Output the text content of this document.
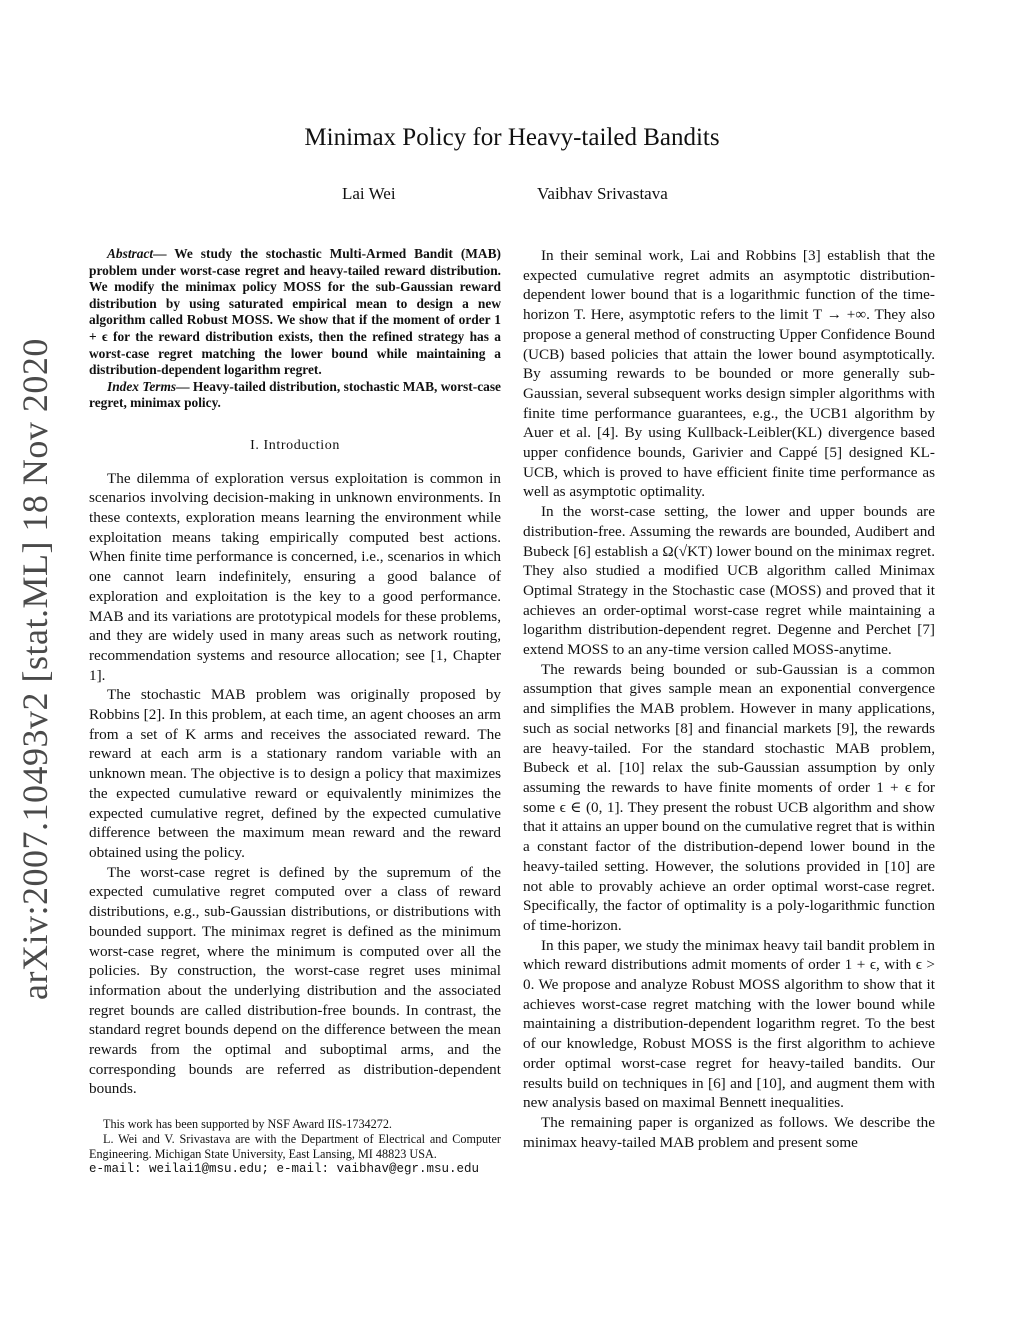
arXiv:2007.10493v2 [stat.ML] 18 Nov 2020
Minimax Policy for Heavy-tailed Bandits
Lai Wei	Vaibhav Srivastava

Abstract— We study the stochastic Multi-Armed Bandit (MAB) problem under worst-case regret and heavy-tailed reward distribution. We modify the minimax policy MOSS for the sub-Gaussian reward distribution by using saturated empirical mean to design a new algorithm called Robust MOSS. We show that if the moment of order 1 + ϵ for the reward distribution exists, then the refined strategy has a worst-case regret matching the lower bound while maintaining a distribution-dependent logarithm regret.

Index Terms— Heavy-tailed distribution, stochastic MAB, worst-case regret, minimax policy.

I. Introduction

The dilemma of exploration versus exploitation is common in scenarios involving decision-making in unknown environments. In these contexts, exploration means learning the environment while exploitation means taking empirically computed best actions. When finite time performance is concerned, i.e., scenarios in which one cannot learn indefinitely, ensuring a good balance of exploration and exploitation is the key to a good performance. MAB and its variations are prototypical models for these problems, and they are widely used in many areas such as network routing, recommendation systems and resource allocation; see [1, Chapter 1].

The stochastic MAB problem was originally proposed by Robbins [2]. In this problem, at each time, an agent chooses an arm from a set of K arms and receives the associated reward. The reward at each arm is a stationary random variable with an unknown mean. The objective is to design a policy that maximizes the expected cumulative reward or equivalently minimizes the expected cumulative regret, defined by the expected cumulative difference between the maximum mean reward and the reward obtained using the policy.

The worst-case regret is defined by the supremum of the expected cumulative regret computed over a class of reward distributions, e.g., sub-Gaussian distributions, or distributions with bounded support. The minimax regret is defined as the minimum worst-case regret, where the minimum is computed over all the policies. By construction, the worst-case regret uses minimal information about the underlying distribution and the associated regret bounds are called distribution-free bounds. In contrast, the standard regret bounds depend on the difference between the mean rewards from the optimal and suboptimal arms, and the corresponding bounds are referred as distribution-dependent bounds.

This work has been supported by NSF Award IIS-1734272.

L. Wei and V. Srivastava are with the Department of Electrical and Computer Engineering. Michigan State University, East Lansing, MI 48823 USA.

e-mail: weilai1@msu.edu; e-mail: vaibhav@egr.msu.edu

In their seminal work, Lai and Robbins [3] establish that the expected cumulative regret admits an asymptotic distribution-dependent lower bound that is a logarithmic function of the time-horizon T. Here, asymptotic refers to the limit T → +∞. They also propose a general method of constructing Upper Confidence Bound (UCB) based policies that attain the lower bound asymptotically. By assuming rewards to be bounded or more generally sub-Gaussian, several subsequent works design simpler algorithms with finite time performance guarantees, e.g., the UCB1 algorithm by Auer et al. [4]. By using Kullback-Leibler(KL) divergence based upper confidence bounds, Garivier and Cappé [5] designed KL-UCB, which is proved to have efficient finite time performance as well as asymptotic optimality.

In the worst-case setting, the lower and upper bounds are distribution-free. Assuming the rewards are bounded, Audibert and Bubeck [6] establish a Ω(√KT) lower bound on the minimax regret. They also studied a modified UCB algorithm called Minimax Optimal Strategy in the Stochastic case (MOSS) and proved that it achieves an order-optimal worst-case regret while maintaining a logarithm distribution-dependent regret. Degenne and Perchet [7] extend MOSS to an any-time version called MOSS-anytime.

The rewards being bounded or sub-Gaussian is a common assumption that gives sample mean an exponential convergence and simplifies the MAB problem. However in many applications, such as social networks [8] and financial markets [9], the rewards are heavy-tailed. For the standard stochastic MAB problem, Bubeck et al. [10] relax the sub-Gaussian assumption by only assuming the rewards to have finite moments of order 1 + ϵ for some ϵ ∈ (0, 1]. They present the robust UCB algorithm and show that it attains an upper bound on the cumulative regret that is within a constant factor of the distribution-depend lower bound in the heavy-tailed setting. However, the solutions provided in [10] are not able to provably achieve an order optimal worst-case regret. Specifically, the factor of optimality is a poly-logarithmic function of time-horizon.

In this paper, we study the minimax heavy tail bandit problem in which reward distributions admit moments of order 1 + ϵ, with ϵ > 0. We propose and analyze Robust MOSS algorithm to show that it achieves worst-case regret matching with the lower bound while maintaining a distribution-dependent logarithm regret. To the best of our knowledge, Robust MOSS is the first algorithm to achieve order optimal worst-case regret for heavy-tailed bandits. Our results build on techniques in [6] and [10], and augment them with new analysis based on maximal Bennett inequalities.

The remaining paper is organized as follows. We describe the minimax heavy-tailed MAB problem and present some
